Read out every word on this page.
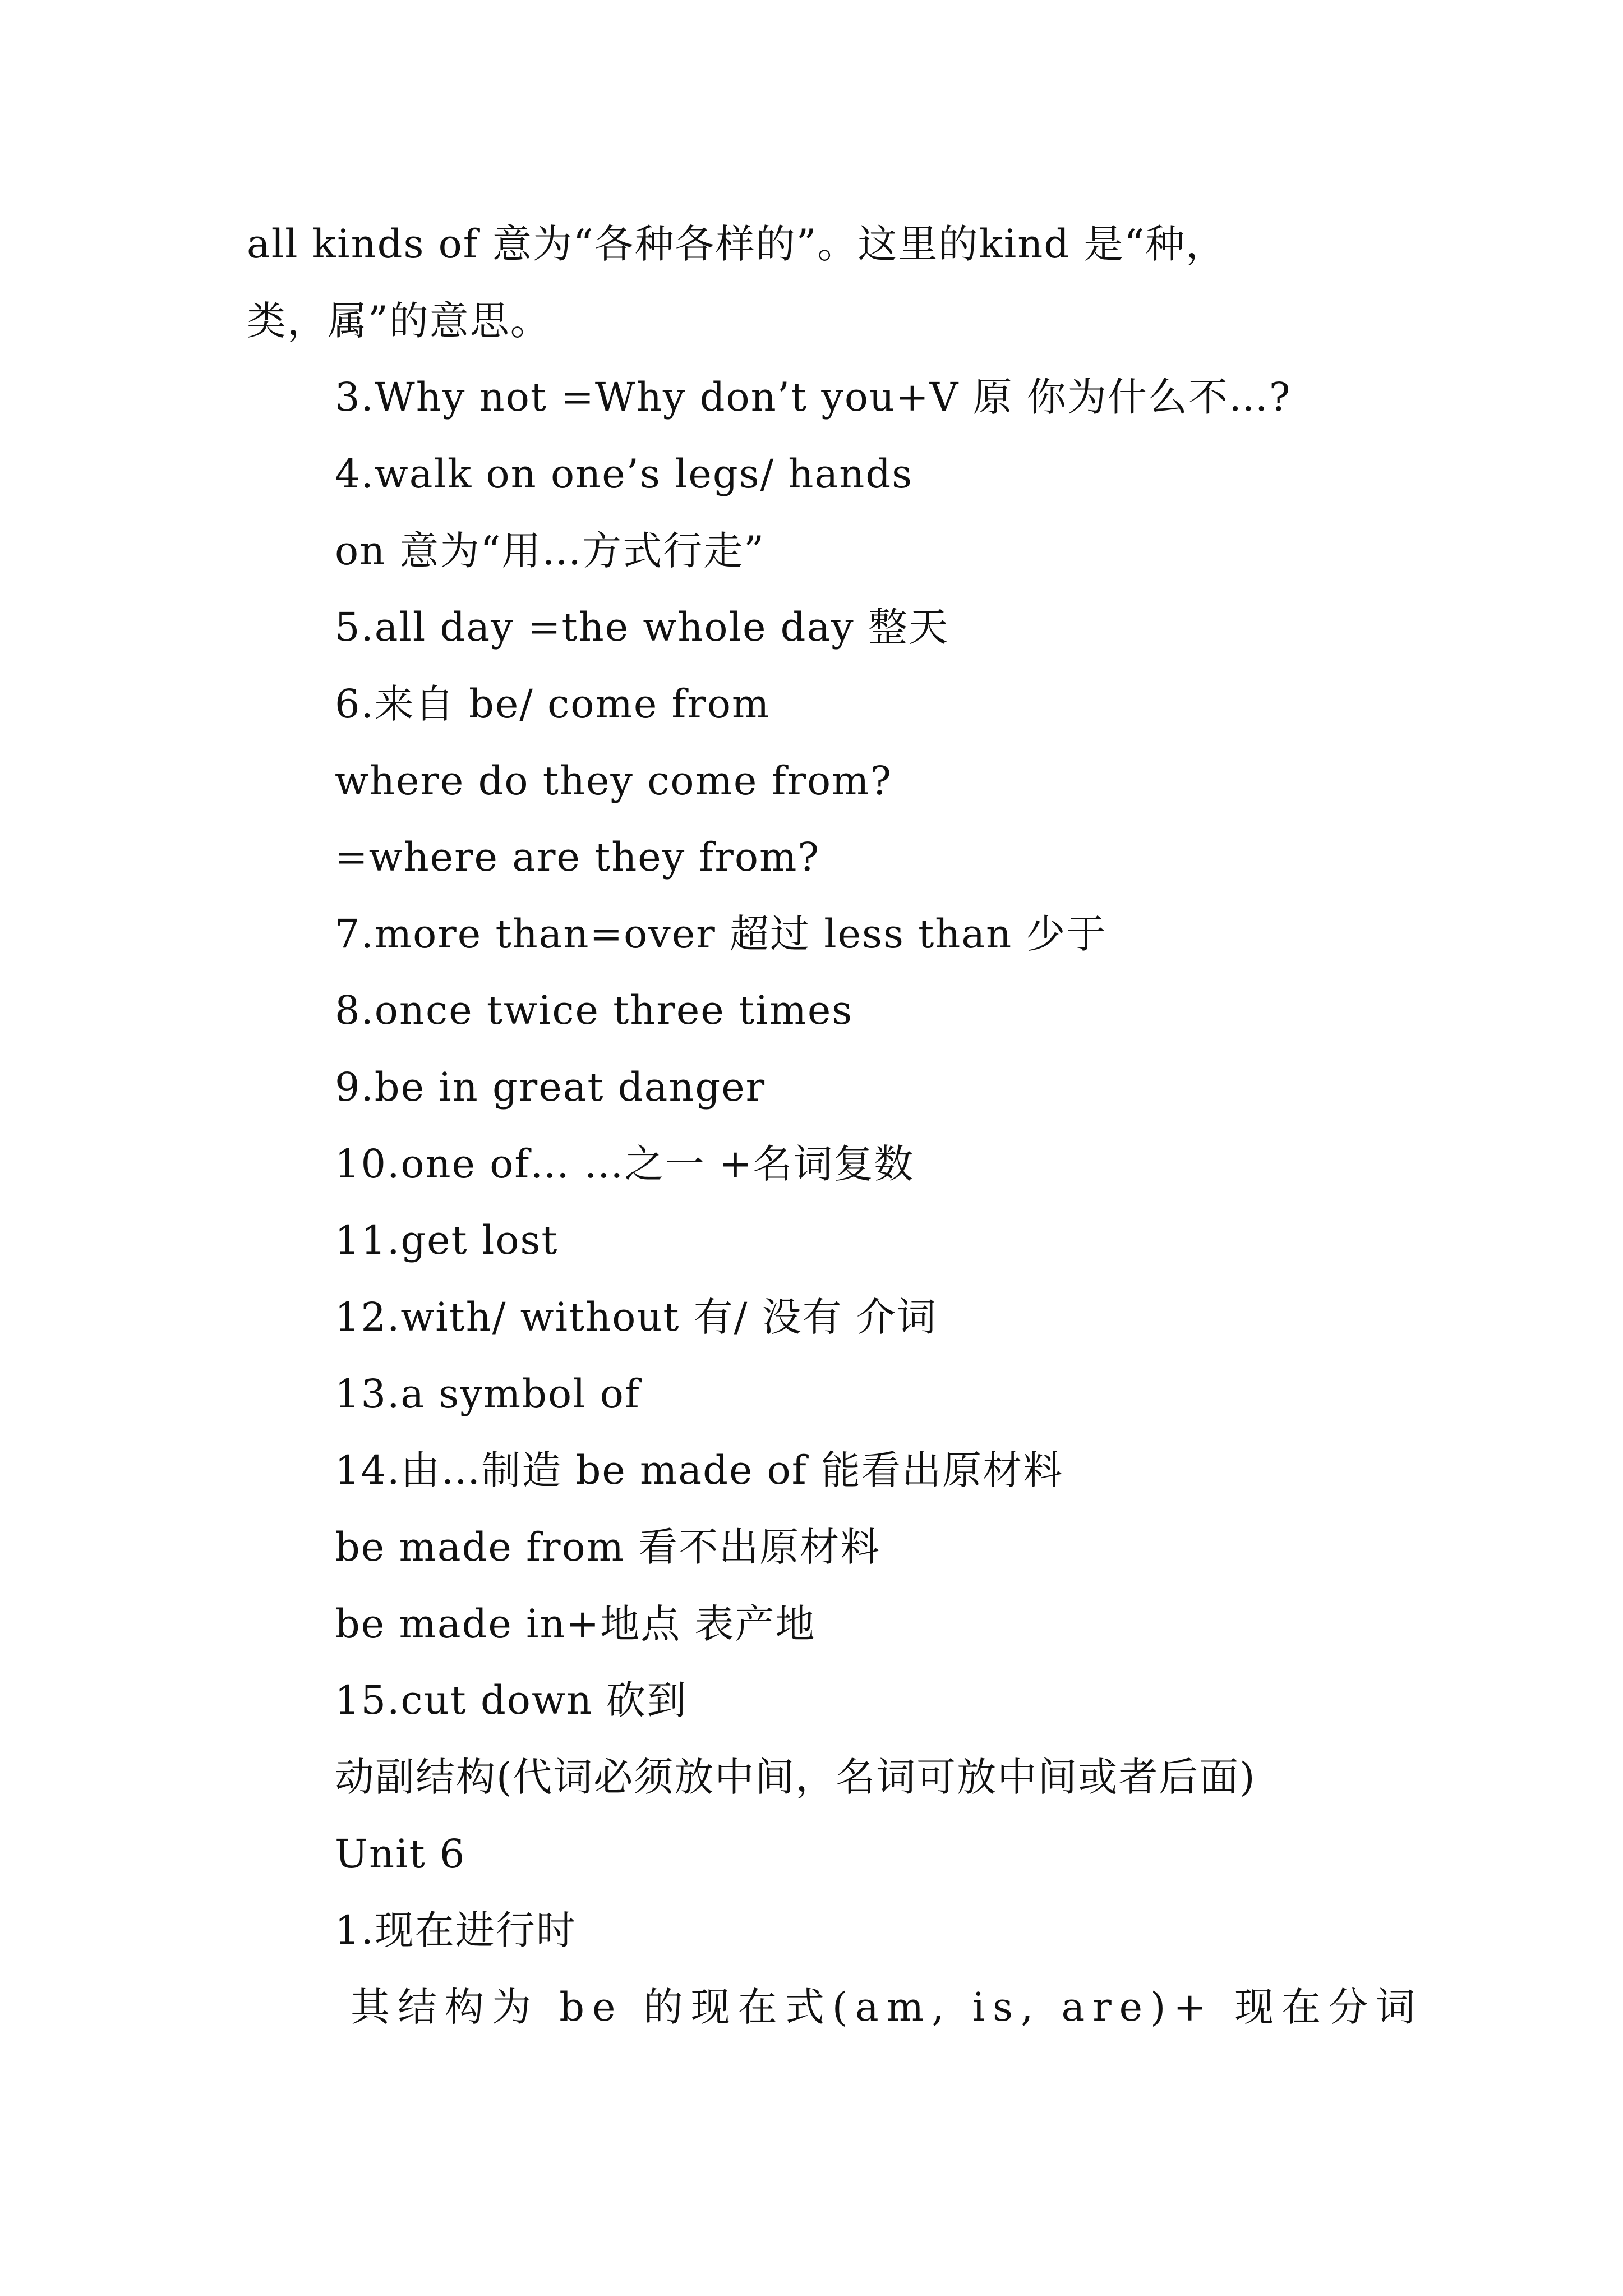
all kinds of 意为“各种各样的”。这里的kind 是“种，
类，属”的意思。
3.Why not =Why don’t you+V 原 你为什么不…?
4.walk on one’s legs/ hands
on 意为“用…方式行走”
5.all day =the whole day 整天
6.来自 be/ come from
where do they come from?
=where are they from?
7.more than=over 超过 less than 少于
8.once twice three times
9.be in great danger
10.one of… …之一 +名词复数
11.get lost
12.with/ without 有/ 没有 介词
13.a symbol of
14.由…制造 be made of 能看出原材料
be made from 看不出原材料
be made in+地点 表产地
15.cut down 砍到
动副结构(代词必须放中间，名词可放中间或者后面)
Unit 6
1.现在进行时
其结构为 be 的现在式(am, is, are)+ 现在分词
